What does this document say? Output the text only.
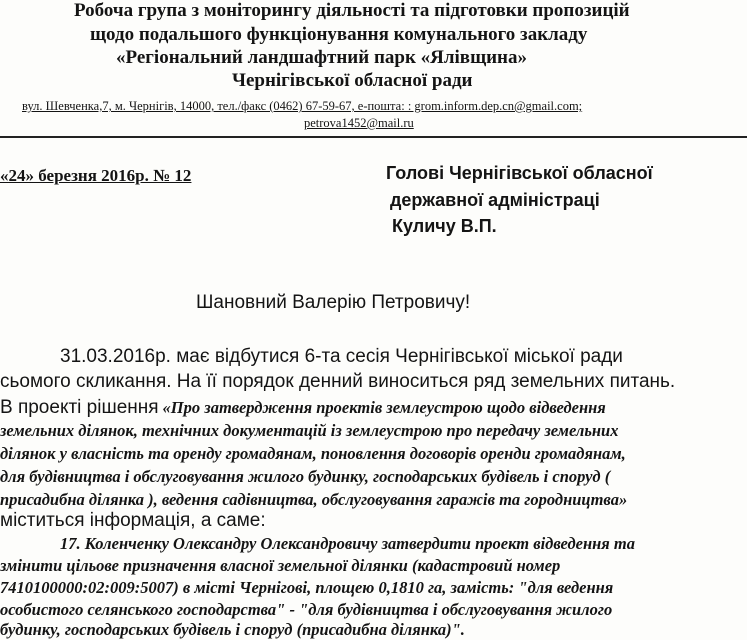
Робоча група з моніторингу діяльності та підготовки пропозицій
щодо подальшого функціонування комунального закладу
«Регіональний ландшафтний парк «Ялівщина»
Чернігівської обласної ради
вул. Шевченка,7, м. Чернігів, 14000, тел./факс (0462) 67-59-67, е-пошта: : grom.inform.dep.cn@gmail.com;
petrova1452@mail.ru
«24» березня 2016р. № 12	Голові Чернігівської обласної
державної адміністраці
Куличу В.П.
Шановний Валерію Петровичу!
31.03.2016р. має відбутися 6-та сесія Чернігівської міської ради
сьомого скликання. На її порядок денний виноситься ряд земельних питань.
В проекті рішення «Про затвердження проектів землеустрою щодо відведення
земельних ділянок, технічних документацій із землеустрою про передачу земельних
ділянок у власність та оренду громадянам, поновлення договорів оренди громадянам,
для будівництва і обслуговування жилого будинку, господарських будівель і споруд (
присадибна ділянка ), ведення садівництва, обслуговування гаражів та городництва»
міститься інформація, а саме:
17. Коленченку Олександру Олександровичу затвердити проект відведення та
змінити цільове призначення власної земельної ділянки (кадастровий номер
7410100000:02:009:5007) в місті Чернігові, площею 0,1810 га, замість: "для ведення
особистого селянського господарства" - "для будівництва і обслуговування жилого
будинку, господарських будівель і споруд (присадибна ділянка)".
